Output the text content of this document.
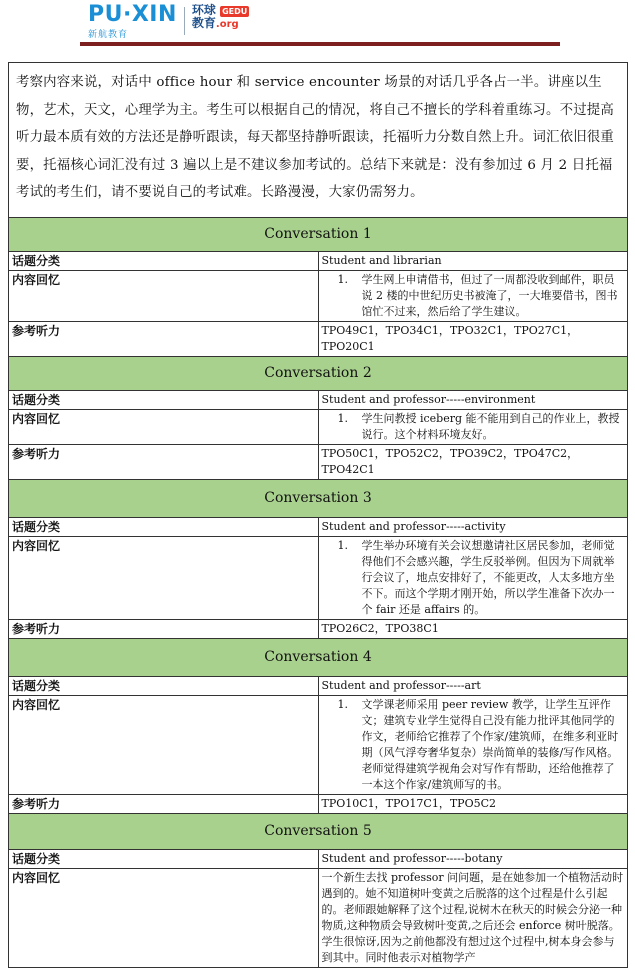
PU·XIN
新航教育
环球 GEDU
教育.org
考察内容来说，对话中 office hour 和 service encounter 场景的对话几乎各占一半。讲座以生物，艺术，天文，心理学为主。考生可以根据自己的情况，将自己不擅长的学科着重练习。不过提高听力最本质有效的方法还是静听跟读，每天都坚持静听跟读，托福听力分数自然上升。词汇依旧很重要，托福核心词汇没有过 3 遍以上是不建议参加考试的。总结下来就是：没有参加过 6 月 2 日托福考试的考生们，请不要说自己的考试难。长路漫漫，大家仍需努力。
Conversation 1	
话题分类	Student and librarian
内容回忆	1. 学生网上申请借书，但过了一周都没收到邮件，职员说 2 楼的中世纪历史书被淹了，一大堆要借书，图书馆忙不过来，然后给了学生建议。

参考听力	TPO49C1，TPO34C1，TPO32C1，TPO27C1，TPO20C1
Conversation 2	
话题分类	Student and professor-----environment
内容回忆	1. 学生问教授 iceberg 能不能用到自己的作业上，教授说行。这个材料环境友好。

参考听力	TPO50C1，TPO52C2，TPO39C2，TPO47C2，TPO42C1
Conversation 3	
话题分类	Student and professor-----activity
内容回忆	1. 学生举办环境有关会议想邀请社区居民参加，老师觉得他们不会感兴趣，学生反驳举例。但因为下周就举行会议了，地点安排好了，不能更改，人太多地方坐不下。而这个学期才刚开始，所以学生准备下次办一个 fair 还是 affairs 的。

参考听力	TPO26C2，TPO38C1
Conversation 4	
话题分类	Student and professor-----art
内容回忆	1. 文学课老师采用 peer review 教学，让学生互评作文；建筑专业学生觉得自己没有能力批评其他同学的作文，老师给它推荐了个作家/建筑师，在维多利亚时期（风气浮夸奢华复杂）崇尚简单的装修/写作风格。老师觉得建筑学视角会对写作有帮助，还给他推荐了一本这个作家/建筑师写的书。

参考听力	TPO10C1，TPO17C1，TPO5C2
Conversation 5	
话题分类	Student and professor-----botany
内容回忆	一个新生去找 professor 问问题，是在她参加一个植物活动时遇到的。她不知道树叶变黄之后脱落的这个过程是什么引起的。老师跟她解释了这个过程,说树木在秋天的时候会分泌一种物质,这种物质会导致树叶变黄,之后还会 enforce 树叶脱落。学生很惊讶,因为之前他都没有想过这个过程中,树本身会参与到其中。同时他表示对植物学产
